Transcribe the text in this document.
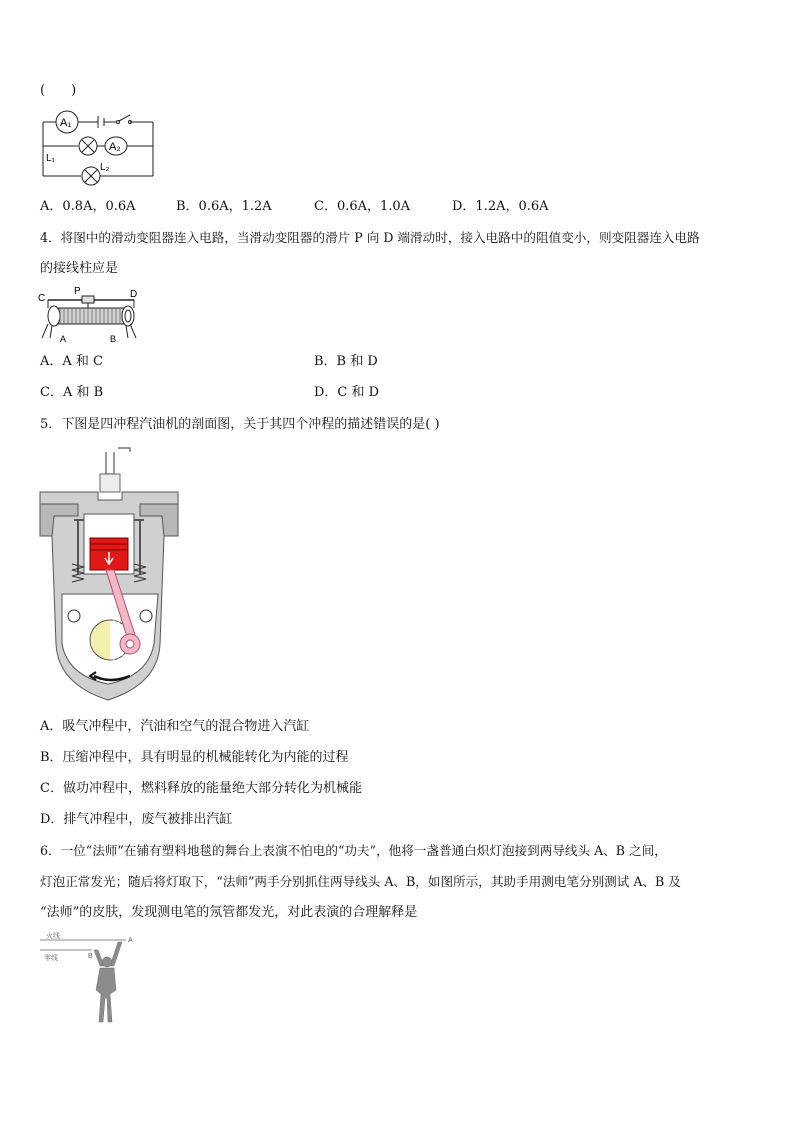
(　　)
A₁
A₂
L₁
L₂
A．0.8A，0.6A	B．0.6A，1.2A	C．0.6A，1.0A	D．1.2A，0.6A
4．将图中的滑动变阻器连入电路，当滑动变阻器的滑片 P 向 D 端滑动时，接入电路中的阻值变小，则变阻器连入电路
的接线柱应是
C
P	D
A	B
A．A 和 C	B．B 和 D
C．A 和 B	D．C 和 D
5．下图是四冲程汽油机的剖面图，关于其四个冲程的描述错误的是( )
A．吸气冲程中，汽油和空气的混合物进入汽缸
B．压缩冲程中，具有明显的机械能转化为内能的过程
C．做功冲程中，燃料释放的能量绝大部分转化为机械能
D．排气冲程中，废气被排出汽缸
6．一位“法师”在铺有塑料地毯的舞台上表演不怕电的“功夫”，他将一盏普通白炽灯泡接到两导线头 A、B 之间，
灯泡正常发光；随后将灯取下，“法师”两手分别抓住两导线头 A、B，如图所示，其助手用测电笔分别测试 A、B 及
“法师”的皮肤，发现测电笔的氖管都发光，对此表演的合理解释是
火线
零线
A
B
